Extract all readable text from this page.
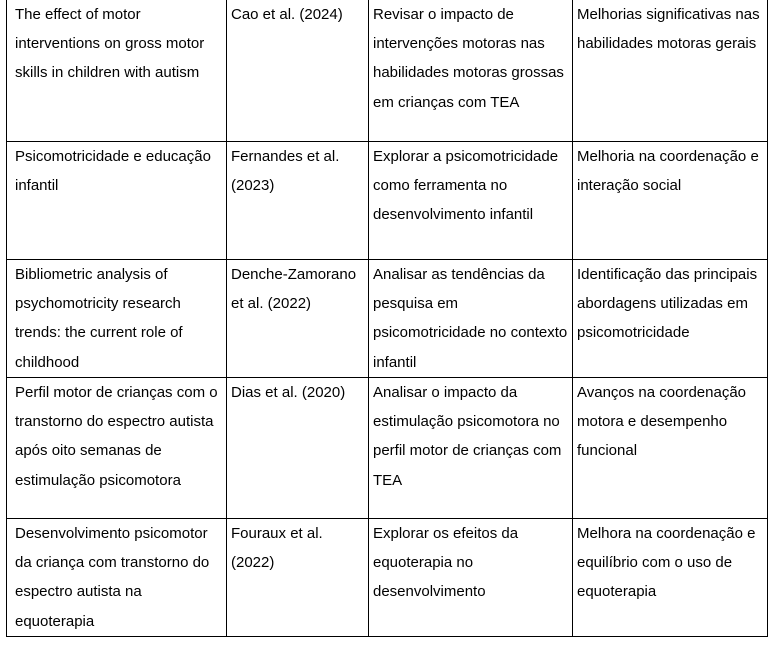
The effect of motor interventions on gross motor skills in children with autism	Cao et al. (2024)	Revisar o impacto de intervenções motoras nas habilidades motoras grossas em crianças com TEA	Melhorias significativas nas habilidades motoras gerais
Psicomotricidade e educação infantil	Fernandes et al. (2023)	Explorar a psicomotricidade como ferramenta no desenvolvimento infantil	Melhoria na coordenação e interação social
Bibliometric analysis of psychomotricity research trends: the current role of childhood	Denche-Zamorano et al. (2022)	Analisar as tendências da pesquisa em psicomotricidade no contexto infantil	Identificação das principais abordagens utilizadas em psicomotricidade
Perfil motor de crianças com o transtorno do espectro autista após oito semanas de estimulação psicomotora	Dias et al. (2020)	Analisar o impacto da estimulação psicomotora no perfil motor de crianças com TEA	Avanços na coordenação motora e desempenho funcional
Desenvolvimento psicomotor da criança com transtorno do espectro autista na equoterapia	Fouraux et al. (2022)	Explorar os efeitos da equoterapia no desenvolvimento	Melhora na coordenação e equilíbrio com o uso de equoterapia
